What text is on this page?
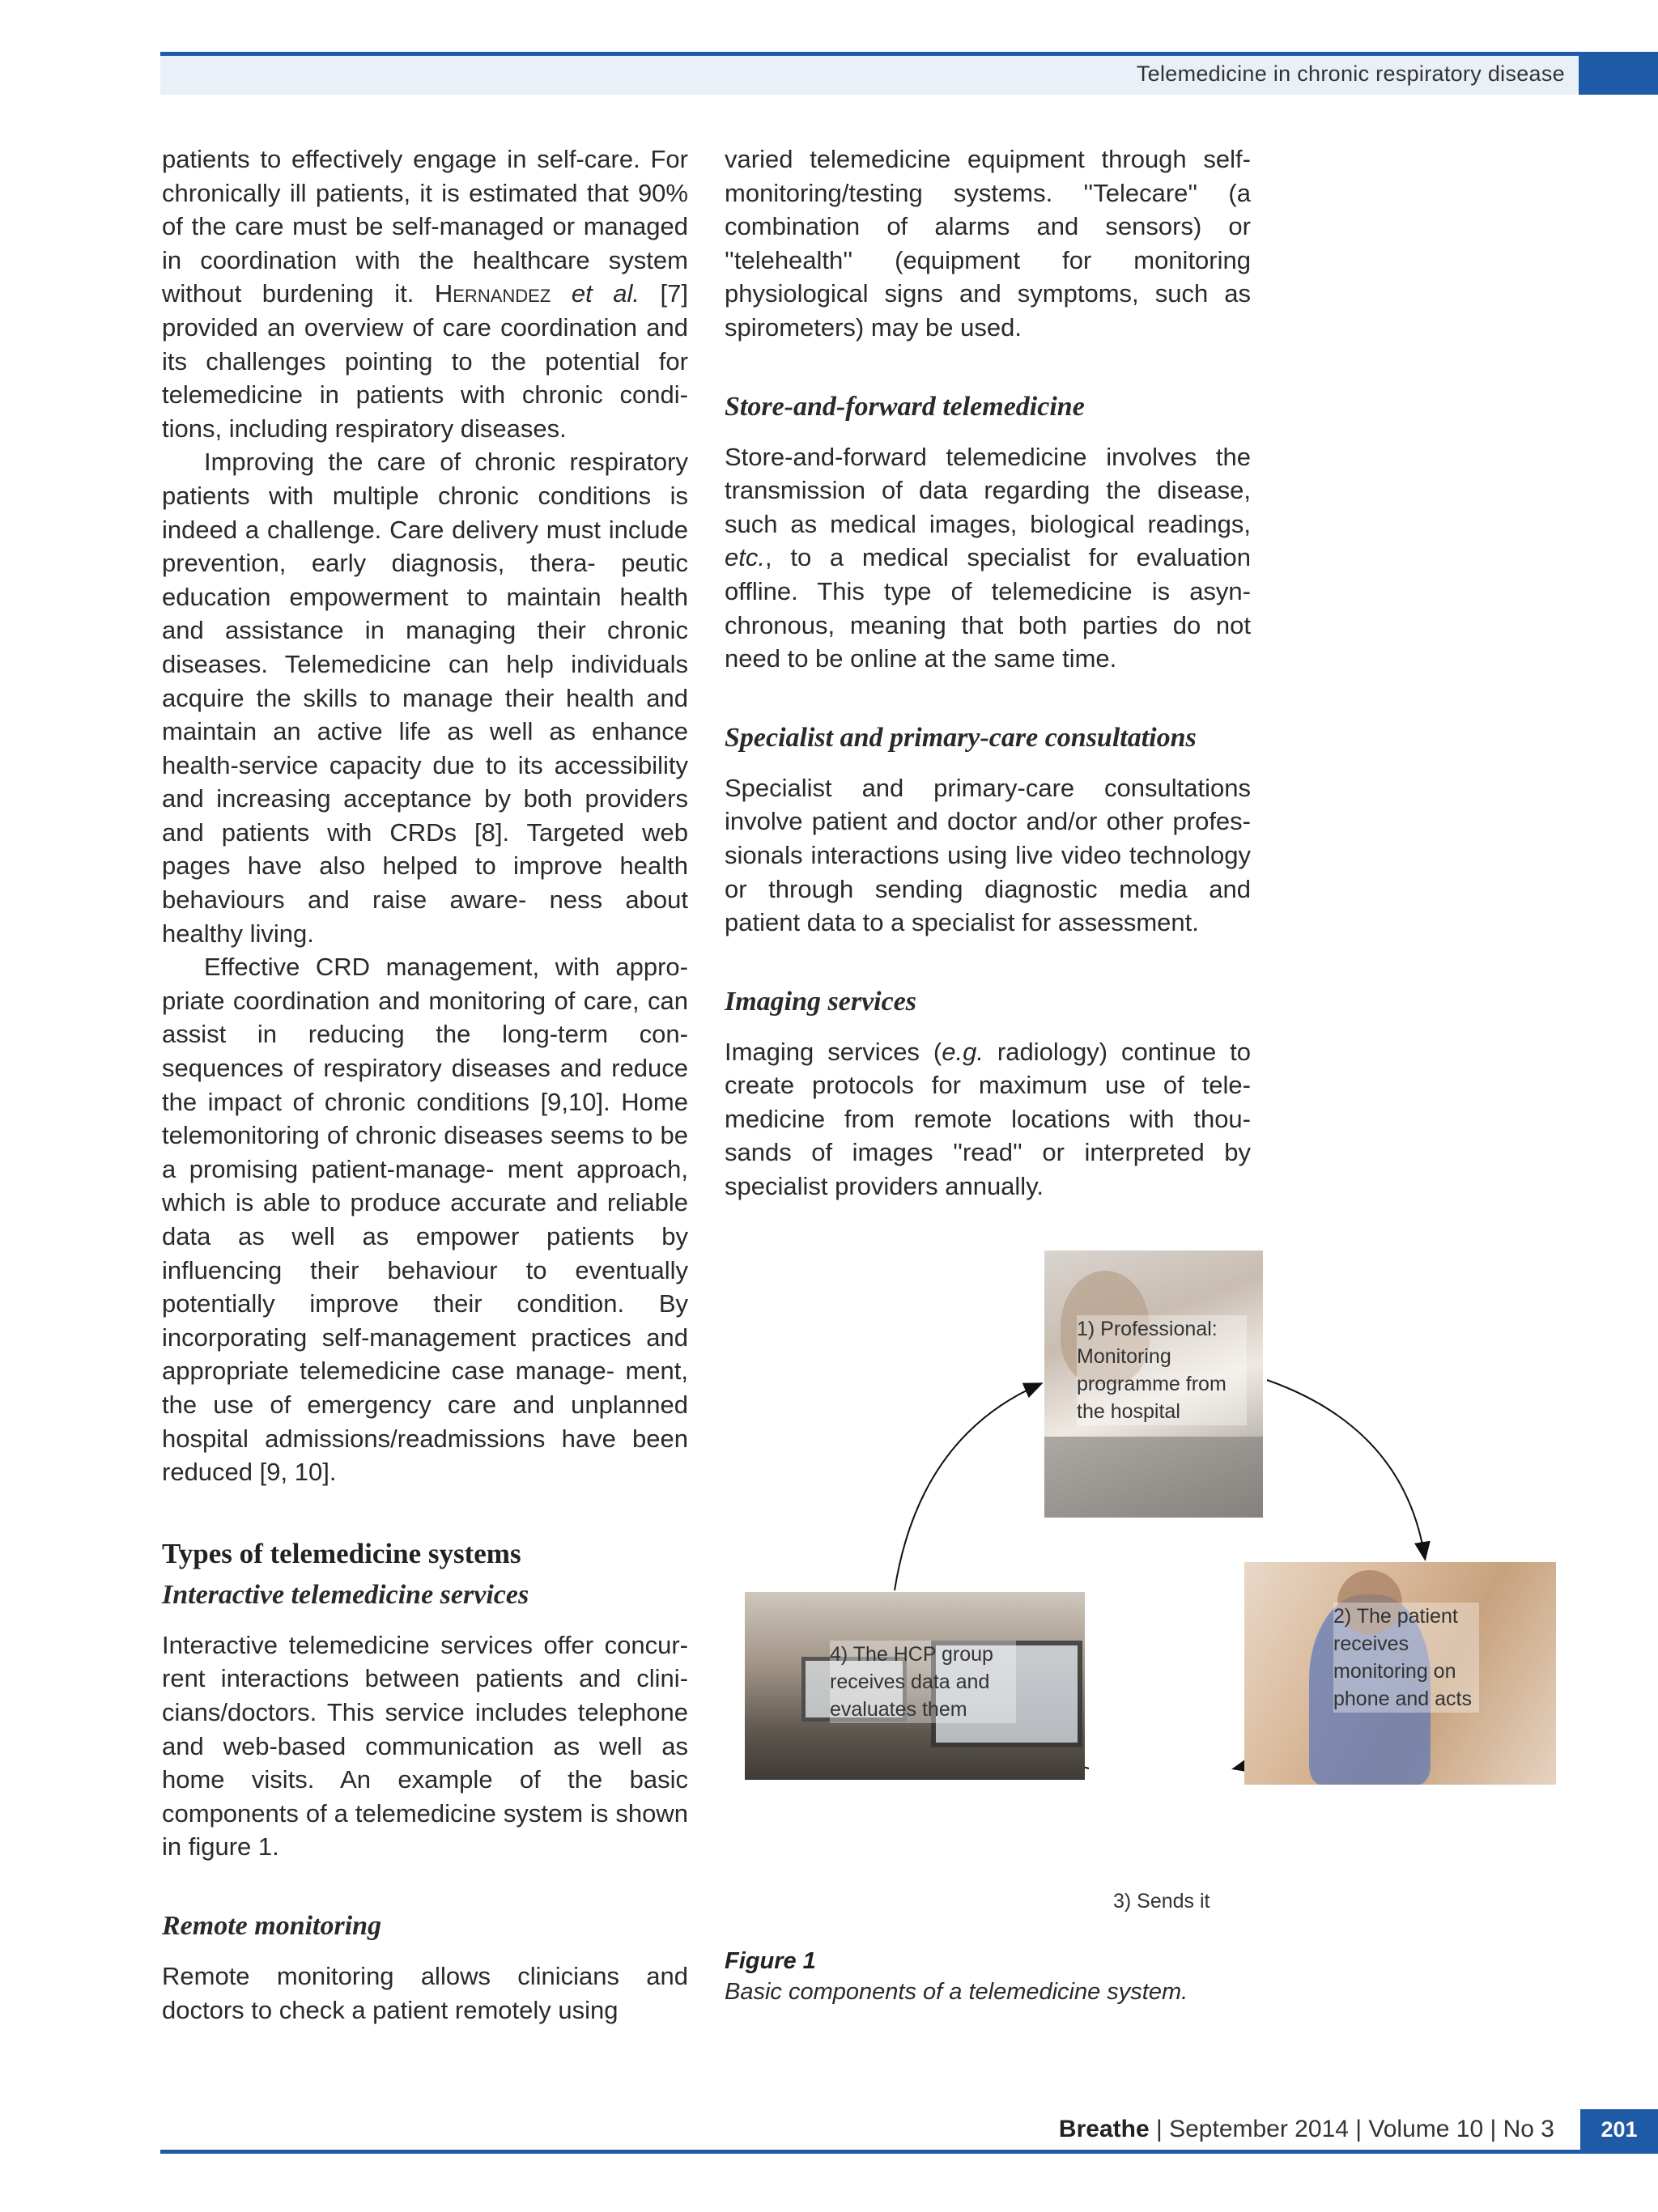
Telemedicine in chronic respiratory disease

patients to effectively engage in self-care. For chronically ill patients, it is estimated that 90% of the care must be self-managed or managed in coordination with the healthcare system without burdening it. Hernandez et al. [7] provided an overview of care coordination and its challenges pointing to the potential for telemedicine in patients with chronic condi- tions, including respiratory diseases.

Improving the care of chronic respiratory patients with multiple chronic conditions is indeed a challenge. Care delivery must include prevention, early diagnosis, thera- peutic education empowerment to maintain health and assistance in managing their chronic diseases. Telemedicine can help individuals acquire the skills to manage their health and maintain an active life as well as enhance health-service capacity due to its accessibility and increasing acceptance by both providers and patients with CRDs [8]. Targeted web pages have also helped to improve health behaviours and raise aware- ness about healthy living.

Effective CRD management, with appro- priate coordination and monitoring of care, can assist in reducing the long-term con- sequences of respiratory diseases and reduce the impact of chronic conditions [9,10]. Home telemonitoring of chronic diseases seems to be a promising patient-manage- ment approach, which is able to produce accurate and reliable data as well as empower patients by influencing their behaviour to eventually potentially improve their condition. By incorporating self-management practices and appropriate telemedicine case manage- ment, the use of emergency care and unplanned hospital admissions/readmissions have been reduced [9, 10].

Types of telemedicine systems
Interactive telemedicine services

Interactive telemedicine services offer concur- rent interactions between patients and clini- cians/doctors. This service includes telephone and web-based communication as well as home visits. An example of the basic components of a telemedicine system is shown in figure 1.

Remote monitoring

Remote monitoring allows clinicians and doctors to check a patient remotely using

varied telemedicine equipment through self-monitoring/testing systems. ''Telecare'' (a combination of alarms and sensors) or ''telehealth'' (equipment for monitoring physiological signs and symptoms, such as spirometers) may be used.

Store-and-forward telemedicine

Store-and-forward telemedicine involves the transmission of data regarding the disease, such as medical images, biological readings, etc., to a medical specialist for evaluation offline. This type of telemedicine is asyn- chronous, meaning that both parties do not need to be online at the same time.

Specialist and primary-care consultations

Specialist and primary-care consultations involve patient and doctor and/or other profes- sionals interactions using live video technology or through sending diagnostic media and patient data to a specialist for assessment.

Imaging services

Imaging services (e.g. radiology) continue to create protocols for maximum use of tele- medicine from remote locations with thou- sands of images ''read'' or interpreted by specialist providers annually.

1) Professional: Monitoring programme from the hospital
2) The patient receives monitoring on phone and acts
4) The HCP group receives data and evaluates them
3) Sends it
Figure 1
Basic components of a telemedicine system.
Breathe | September 2014 | Volume 10 | No 3	201
